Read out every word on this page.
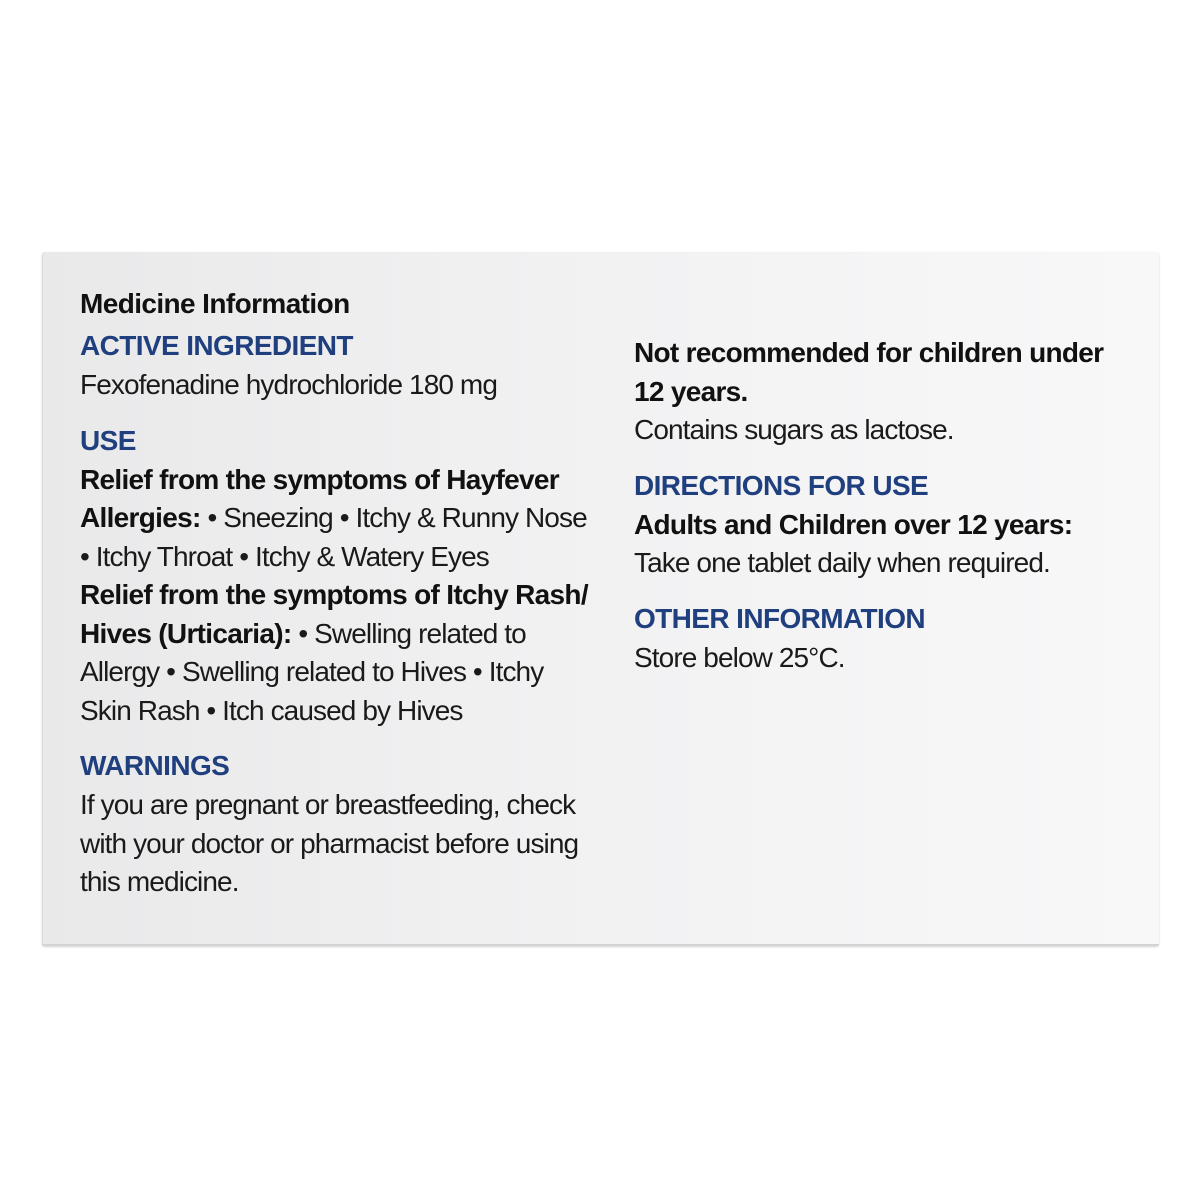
Medicine Information
ACTIVE INGREDIENT
Fexofenadine hydrochloride 180 mg
USE
Relief from the symptoms of Hayfever
Allergies: • Sneezing • Itchy & Runny Nose
• Itchy Throat • Itchy & Watery Eyes
Relief from the symptoms of Itchy Rash/
Hives (Urticaria): • Swelling related to
Allergy • Swelling related to Hives • Itchy
Skin Rash • Itch caused by Hives
WARNINGS
If you are pregnant or breastfeeding, check
with your doctor or pharmacist before using
this medicine.
Not recommended for children under
12 years.
Contains sugars as lactose.
DIRECTIONS FOR USE
Adults and Children over 12 years:
Take one tablet daily when required.
OTHER INFORMATION
Store below 25°C.
